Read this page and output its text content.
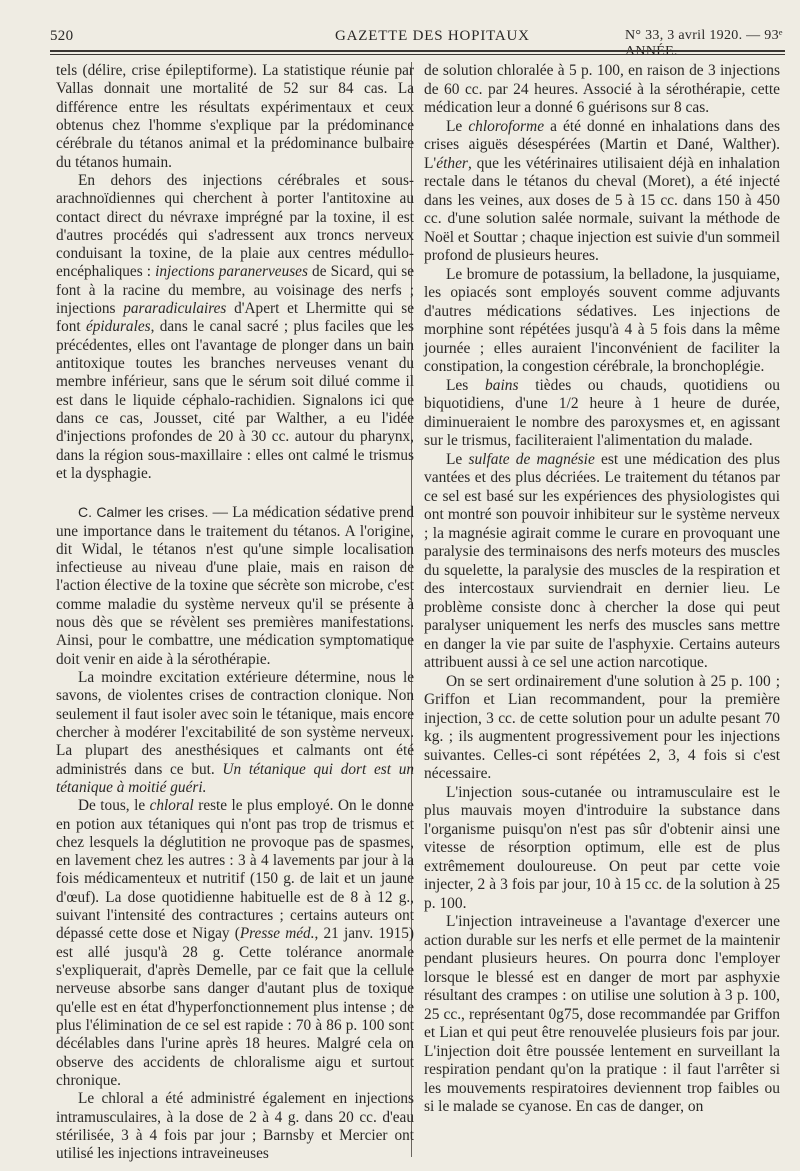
520	GAZETTE DES HOPITAUX	N° 33, 3 avril 1920. — 93ᵉ ANNÉE.

tels (délire, crise épileptiforme). La statistique réunie par Vallas donnait une mortalité de 52 sur 84 cas. La différence entre les résultats expérimentaux et ceux obtenus chez l'homme s'explique par la prédominance cérébrale du tétanos animal et la prédominance bulbaire du tétanos humain.

En dehors des injections cérébrales et sous-arachnoïdiennes qui cherchent à porter l'antitoxine au contact direct du névraxe imprégné par la toxine, il est d'autres procédés qui s'adressent aux troncs nerveux conduisant la toxine, de la plaie aux centres médullo-encéphaliques : injections paranerveuses de Sicard, qui se font à la racine du membre, au voisinage des nerfs ; injections pararadiculaires d'Apert et Lhermitte qui se font épidurales, dans le canal sacré ; plus faciles que les précédentes, elles ont l'avantage de plonger dans un bain antitoxique toutes les branches nerveuses venant du membre inférieur, sans que le sérum soit dilué comme il est dans le liquide céphalo-rachidien. Signalons ici que dans ce cas, Jousset, cité par Walther, a eu l'idée d'injections profondes de 20 à 30 cc. autour du pharynx, dans la région sous-maxillaire : elles ont calmé le trismus et la dysphagie.

C. Calmer les crises. — La médication sédative prend une importance dans le traitement du tétanos. A l'origine, dit Widal, le tétanos n'est qu'une simple localisation infectieuse au niveau d'une plaie, mais en raison de l'action élective de la toxine que sécrète son microbe, c'est comme maladie du système nerveux qu'il se présente à nous dès que se révèlent ses premières manifestations. Ainsi, pour le combattre, une médication symptomatique doit venir en aide à la sérothérapie.

La moindre excitation extérieure détermine, nous le savons, de violentes crises de contraction clonique. Non seulement il faut isoler avec soin le tétanique, mais encore chercher à modérer l'excitabilité de son système nerveux. La plupart des anesthésiques et calmants ont été administrés dans ce but. Un tétanique qui dort est un tétanique à moitié guéri.

De tous, le chloral reste le plus employé. On le donne en potion aux tétaniques qui n'ont pas trop de trismus et chez lesquels la déglutition ne provoque pas de spasmes, en lavement chez les autres : 3 à 4 lavements par jour à la fois médicamenteux et nutritif (150 g. de lait et un jaune d'œuf). La dose quotidienne habituelle est de 8 à 12 g., suivant l'intensité des contractures ; certains auteurs ont dépassé cette dose et Nigay (Presse méd., 21 janv. 1915) est allé jusqu'à 28 g. Cette tolérance anormale s'expliquerait, d'après Demelle, par ce fait que la cellule nerveuse absorbe sans danger d'autant plus de toxique qu'elle est en état d'hyperfonctionnement plus intense ; de plus l'élimination de ce sel est rapide : 70 à 86 p. 100 sont décélables dans l'urine après 18 heures. Malgré cela on observe des accidents de chloralisme aigu et surtout chronique.

Le chloral a été administré également en injections intramusculaires, à la dose de 2 à 4 g. dans 20 cc. d'eau stérilisée, 3 à 4 fois par jour ; Barnsby et Mercier ont utilisé les injections intraveineuses

de solution chloralée à 5 p. 100, en raison de 3 injections de 60 cc. par 24 heures. Associé à la sérothérapie, cette médication leur a donné 6 guérisons sur 8 cas.

Le chloroforme a été donné en inhalations dans des crises aiguës désespérées (Martin et Dané, Walther). L'éther, que les vétérinaires utilisaient déjà en inhalation rectale dans le tétanos du cheval (Moret), a été injecté dans les veines, aux doses de 5 à 15 cc. dans 150 à 450 cc. d'une solution salée normale, suivant la méthode de Noël et Souttar ; chaque injection est suivie d'un sommeil profond de plusieurs heures.

Le bromure de potassium, la belladone, la jusquiame, les opiacés sont employés souvent comme adjuvants d'autres médications sédatives. Les injections de morphine sont répétées jusqu'à 4 à 5 fois dans la même journée ; elles auraient l'inconvénient de faciliter la constipation, la congestion cérébrale, la bronchoplégie.

Les bains tièdes ou chauds, quotidiens ou biquotidiens, d'une 1/2 heure à 1 heure de durée, diminueraient le nombre des paroxysmes et, en agissant sur le trismus, faciliteraient l'alimentation du malade.

Le sulfate de magnésie est une médication des plus vantées et des plus décriées. Le traitement du tétanos par ce sel est basé sur les expériences des physiologistes qui ont montré son pouvoir inhibiteur sur le système nerveux ; la magnésie agirait comme le curare en provoquant une paralysie des terminaisons des nerfs moteurs des muscles du squelette, la paralysie des muscles de la respiration et des intercostaux surviendrait en dernier lieu. Le problème consiste donc à chercher la dose qui peut paralyser uniquement les nerfs des muscles sans mettre en danger la vie par suite de l'asphyxie. Certains auteurs attribuent aussi à ce sel une action narcotique.

On se sert ordinairement d'une solution à 25 p. 100 ; Griffon et Lian recommandent, pour la première injection, 3 cc. de cette solution pour un adulte pesant 70 kg. ; ils augmentent progressivement pour les injections suivantes. Celles-ci sont répétées 2, 3, 4 fois si c'est nécessaire.

L'injection sous-cutanée ou intramusculaire est le plus mauvais moyen d'introduire la substance dans l'organisme puisqu'on n'est pas sûr d'obtenir ainsi une vitesse de résorption optimum, elle est de plus extrêmement douloureuse. On peut par cette voie injecter, 2 à 3 fois par jour, 10 à 15 cc. de la solution à 25 p. 100.

L'injection intraveineuse a l'avantage d'exercer une action durable sur les nerfs et elle permet de la maintenir pendant plusieurs heures. On pourra donc l'employer lorsque le blessé est en danger de mort par asphyxie résultant des crampes : on utilise une solution à 3 p. 100, 25 cc., représentant 0g75, dose recommandée par Griffon et Lian et qui peut être renouvelée plusieurs fois par jour. L'injection doit être poussée lentement en surveillant la respiration pendant qu'on la pratique : il faut l'arrêter si les mouvements respiratoires deviennent trop faibles ou si le malade se cyanose. En cas de danger, on
